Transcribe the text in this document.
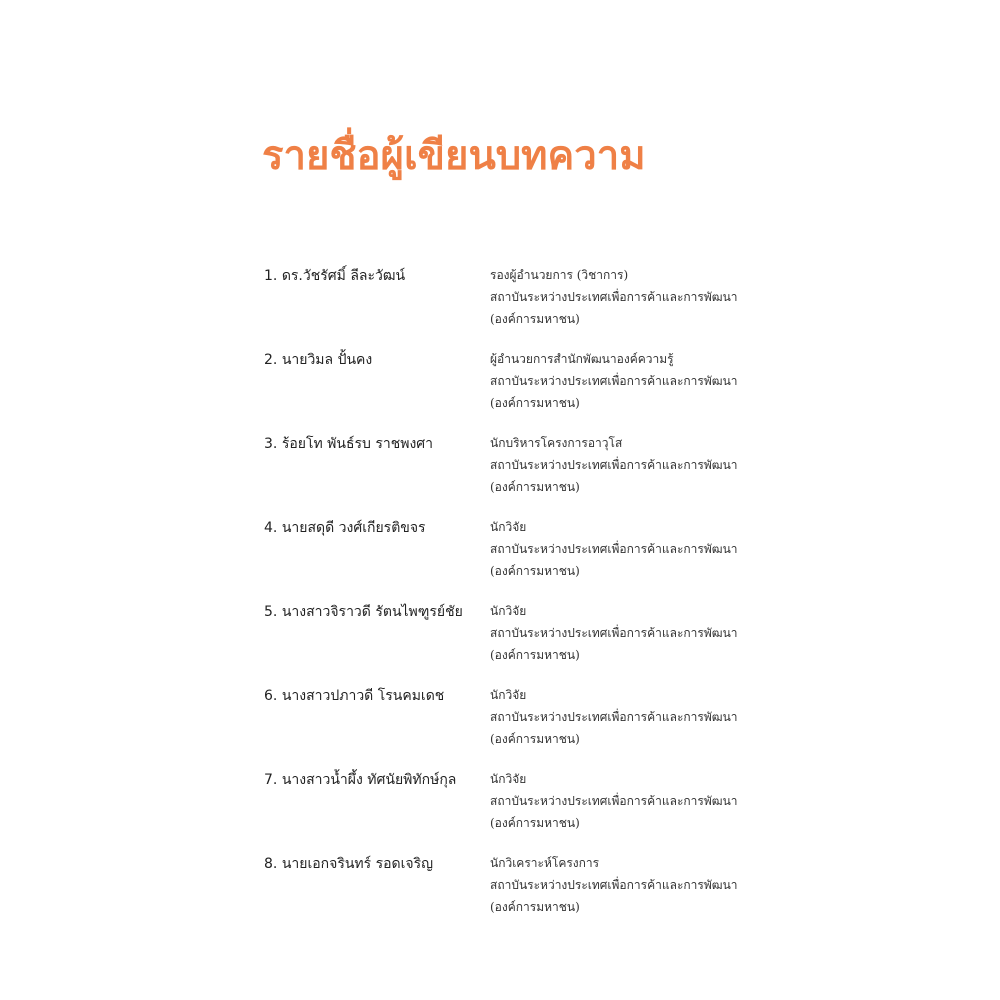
รายชื่อผู้เขียนบทความ
1. ดร.วัชรัศมิ์ ลีละวัฒน์	รองผู้อำนวยการ (วิชาการ)
สถาบันระหว่างประเทศเพื่อการค้าและการพัฒนา
(องค์การมหาชน)
2. นายวิมล ปั้นคง	ผู้อำนวยการสำนักพัฒนาองค์ความรู้
สถาบันระหว่างประเทศเพื่อการค้าและการพัฒนา
(องค์การมหาชน)
3. ร้อยโท พันธ์รบ ราชพงศา	นักบริหารโครงการอาวุโส
สถาบันระหว่างประเทศเพื่อการค้าและการพัฒนา
(องค์การมหาชน)
4. นายสดุดี วงศ์เกียรติขจร	นักวิจัย
สถาบันระหว่างประเทศเพื่อการค้าและการพัฒนา
(องค์การมหาชน)
5. นางสาวจิราวดี รัตนไพฑูรย์ชัย	นักวิจัย
สถาบันระหว่างประเทศเพื่อการค้าและการพัฒนา
(องค์การมหาชน)
6. นางสาวปภาวดี โรนคมเดช	นักวิจัย
สถาบันระหว่างประเทศเพื่อการค้าและการพัฒนา
(องค์การมหาชน)
7. นางสาวน้ำผึ้ง ทัศนัยพิทักษ์กุล	นักวิจัย
สถาบันระหว่างประเทศเพื่อการค้าและการพัฒนา
(องค์การมหาชน)
8. นายเอกจรินทร์ รอดเจริญ	นักวิเคราะห์โครงการ
สถาบันระหว่างประเทศเพื่อการค้าและการพัฒนา
(องค์การมหาชน)
